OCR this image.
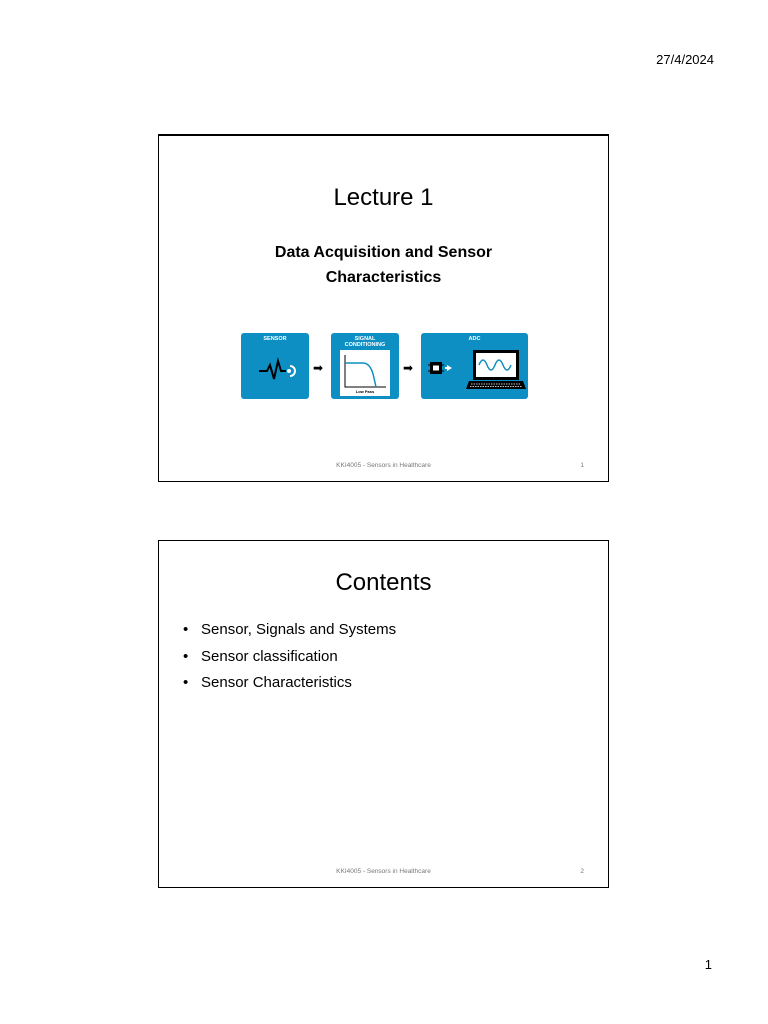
27/4/2024
Lecture 1
Data Acquisition and Sensor
Characteristics
SENSOR
➡
SIGNAL
CONDITIONING
Low Pass
➡
ADC
KKI4005 - Sensors in Healthcare	1
Contents
• Sensor, Signals and Systems
• Sensor classification
• Sensor Characteristics
KKI4005 - Sensors in Healthcare	2
1
